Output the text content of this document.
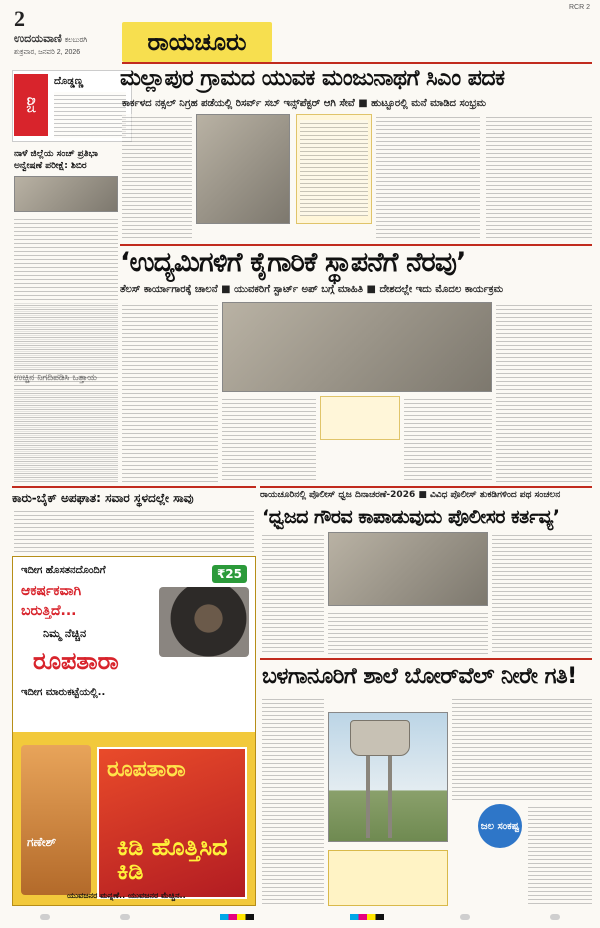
2
ಉದಯವಾಣಿ ಕಲಬುರಗಿ
ಶುಕ್ರವಾರ, ಜನವರಿ 2, 2026	ರಾಯಚೂರು
RCR 2
ದಿನ
ದೊಡ್ಡಣ್ಣ
ನಾಳೆ ಜಿಲ್ಲೆಯ ಸಂಚ್ ಪ್ರತಿಭಾ ಅನ್ವೇಷಣೆ ಪರೀಕ್ಷೆ: ಶಿಬಿರ
ಮಲ್ಲಾಪುರ ಗ್ರಾಮದ ಯುವಕ ಮಂಜುನಾಥಗೆ ಸಿಎಂ ಪದಕ
ಕಾರ್ಕಳದ ನಕ್ಸಲ್ ನಿಗ್ರಹ ಪಡೆಯಲ್ಲಿ ರಿಸರ್ವ್ ಸಬ್ ಇನ್ಸ್‌ಪೆಕ್ಟರ್ ಆಗಿ ಸೇವೆ ■ ಹುಟ್ಟೂರಲ್ಲಿ ಮನೆ ಮಾಡಿದ ಸಂಭ್ರಮ
‘ಉದ್ಯಮಿಗಳಿಗೆ ಕೈಗಾರಿಕೆ ಸ್ಥಾಪನೆಗೆ ನೆರವು’
ತೆಲಸ್ ಕಾರ್ಯಾಗಾರಕ್ಕೆ ಚಾಲನೆ ■ ಯುವಕರಿಗೆ ಸ್ಟಾರ್ಟ್ ಅಪ್ ಬಗ್ಗೆ ಮಾಹಿತಿ ■ ದೇಶದಲ್ಲೇ ಇದು ಮೊದಲ ಕಾರ್ಯಕ್ರಮ
ಕಾರು-ಬೈಕ್ ಅಪಘಾತ: ಸವಾರ ಸ್ಥಳದಲ್ಲೇ ಸಾವು	ರಾಯಚೂರಿನಲ್ಲಿ ಪೊಲೀಸ್ ಧ್ವಜ ದಿನಾಚರಣೆ-2026 ■ ವಿವಿಧ ಪೊಲೀಸ್ ತುಕಡಿಗಳಿಂದ ಪಥ ಸಂಚಲನ
‘ಧ್ವಜದ ಗೌರವ ಕಾಪಾಡುವುದು ಪೊಲೀಸರ ಕರ್ತವ್ಯ’
ಬಳಗಾನೂರಿಗೆ ಶಾಲೆ ಬೋರ್‌ವೆಲ್ ನೀರೇ ಗತಿ!
ಜಲ ಸಂಕಷ್ಟ
ಇದೀಗ ಹೊಸತನದೊಂದಿಗೆ	₹25
ಆಕರ್ಷಕವಾಗಿ
ಬರುತ್ತಿದೆ...
ನಿಮ್ಮ ನೆಚ್ಚಿನ
ರೂಪತಾರಾ
ಇದೀಗ ಮಾರುಕಟ್ಟೆಯಲ್ಲಿ..
ಗಣೇಶ್
ರೂಪತಾರಾ
ಕಿಡಿ ಹೊತ್ತಿಸಿದ ಕಿಡಿ
ಯುವಜನರ ಮನ್ನಣೆ.. ಯುವಜನರ ಮೆಚ್ಚಿನ..
